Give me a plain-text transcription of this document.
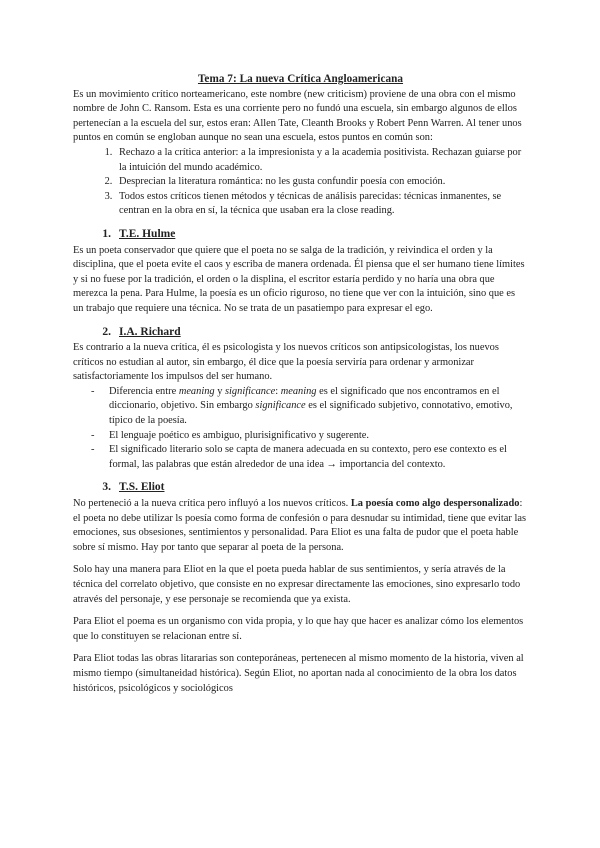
Tema 7: La nueva Crítica Angloamericana

Es un movimiento crítico norteamericano, este nombre (new criticism) proviene de una obra con el mismo nombre de John C. Ransom. Esta es una corriente pero no fundó una escuela, sin embargo algunos de ellos pertenecían a la escuela del sur, estos eran: Allen Tate, Cleanth Brooks y Robert Penn Warren. Al tener unos puntos en común se engloban aunque no sean una escuela, estos puntos en común son:

1. Rechazo a la crítica anterior: a la impresionista y a la academia positivista. Rechazan guiarse por la intuición del mundo académico.
2. Desprecian la literatura romántica: no les gusta confundir poesía con emoción.
3. Todos estos críticos tienen métodos y técnicas de análisis parecidas: técnicas inmanentes, se centran en la obra en sí, la técnica que usaban era la close reading.
1. T.E. Hulme

Es un poeta conservador que quiere que el poeta no se salga de la tradición, y reivindica el orden y la disciplina, que el poeta evite el caos y escriba de manera ordenada. Él piensa que el ser humano tiene límites y si no fuese por la tradición, el orden o la displina, el escritor estaría perdido y no haría una obra que merezca la pena. Para Hulme, la poesía es un oficio riguroso, no tiene que ver con la intuición, sino que es un trabajo que requiere una técnica. No se trata de un pasatiempo para expresar el ego.

2. I.A. Richard

Es contrario a la nueva crítica, él es psicologista y los nuevos críticos son antipsicologistas, los nuevos críticos no estudian al autor, sin embargo, él dice que la poesía serviría para ordenar y armonizar satisfactoriamente los impulsos del ser humano.

- Diferencia entre meaning y significance: meaning es el significado que nos encontramos en el diccionario, objetivo. Sin embargo significance es el significado subjetivo, connotativo, emotivo, típico de la poesía.
- El lenguaje poético es ambiguo, plurisignificativo y sugerente.
- El significado literario solo se capta de manera adecuada en su contexto, pero ese contexto es el formal, las palabras que están alrededor de una idea → importancia del contexto.
3. T.S. Eliot

No perteneció a la nueva crítica pero influyó a los nuevos críticos. La poesía como algo despersonalizado: el poeta no debe utilizar ls poesía como forma de confesión o para desnudar su intimidad, tiene que evitar las emociones, sus obsesiones, sentimientos y personalidad. Para Eliot es una falta de pudor que el poeta hable sobre sí mismo. Hay por tanto que separar al poeta de la persona.

Solo hay una manera para Eliot en la que el poeta pueda hablar de sus sentimientos, y sería através de la técnica del correlato objetivo, que consiste en no expresar directamente las emociones, sino expresarlo todo através del personaje, y ese personaje se recomienda que ya exista.

Para Eliot el poema es un organismo con vida propia, y lo que hay que hacer es analizar cómo los elementos que lo constituyen se relacionan entre sí.

Para Eliot todas las obras litararias son conteporáneas, pertenecen al mismo momento de la historia, viven al mismo tiempo (simultaneidad histórica). Según Eliot, no aportan nada al conocimiento de la obra los datos históricos, psicológicos y sociológicos
